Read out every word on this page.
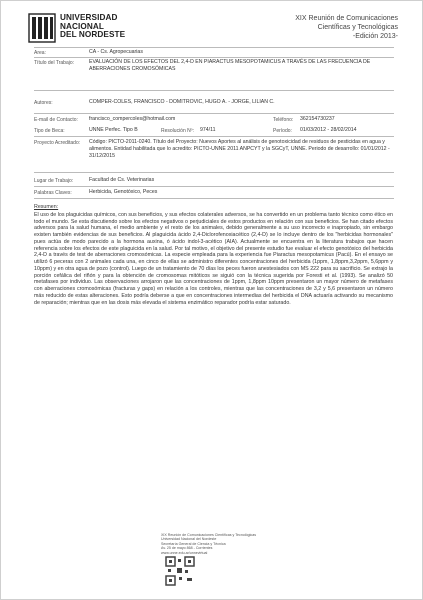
UNIVERSIDAD
NACIONAL
DEL NORDESTE
XIX Reunión de Comunicaciones
Científicas y Tecnológicas
-Edición 2013-
Area:	CA - Cs. Agropecuarias
Título del Trabajo:	EVALUACIÓN DE LOS EFECTOS DEL 2,4-D EN PIARACTUS MESOPOTAMICUS A TRAVÉS DE LAS FRECUENCIA DE ABERRACIONES CROMOSÓMICAS
Autores:	COMPER-COLES, FRANCISCO - DOMITROVIC, HUGO A. - JORGE, LILIAN C.
E-mail de Contacto: francisco_compercoles@hotmail.com	Teléfono: 362154730237
Tipo de Beca:	UNNE Perfec. Tipo B	Resolución Nº: 974/11	Período: 01/03/2012 - 28/02/2014
Proyecto Acreditado: Código: PICTO-2011-0240. Título del Proyecto: Nuevos Aportes al análisis de genotoxicidad de residuos de pesticidas en agua y alimentos. Entidad habilitada que lo acredito: PICTO-UNNE 2011 ANPCYT y la SGCyT, UNNE. Periodo de desarrollo: 01/01/2012 - 31/12/2015
Lugar de Trabajo:	Facultad de Cs. Veterinarias
Palabras Claves:	Herbicida, Genotóxico, Peces
Resumen:
El uso de los plaguicidas químicos, con sus beneficios, y sus efectos colaterales adversos, se ha convertido en un problema tanto técnico como ético en todo el mundo. Se esta discutiendo sobre los efectos negativos o perjudiciales de estos productos en relación con sus beneficios. Se han citado efectos adversos para la salud humana, el medio ambiente y el resto de los animales, debido generalmente a su uso incorrecto e inapropiado, sin embargo existen también evidencias de sus beneficios. Al plaguicida ácido 2,4-Diclorofenoxiacético (2,4-D) se lo incluye dentro de los "herbicidas hormonales" pues actúa de modo parecido a la hormona auxina, ó ácido indol-3-acético (AIA). Actualmente se encuentra en la literatura trabajos que hacen referencia sobre los efectos de este plaguicida en la salud. Por tal motivo, el objetivo del presente estudio fue evaluar el efecto genotóxico del herbicida 2,4-D a través de test de aberraciones cromosómicas. La especie empleada para la experiencia fue Piaractus mesopotamicus (Pacú). En el ensayo se utilizó 6 peceras con 2 animales cada una, en cinco de ellas se administro diferentes concentraciones del herbicida (1ppm, 1,8ppm,3,2ppm, 5,6ppm y 10ppm) y en otra agua de pozo (control). Luego de un tratamiento de 70 días los peces fueron anestesiados con MS 222 para su sacrificio. Se extrajo la porción cefálica del riñón y para la obtención de cromosomas mitóticos se siguió con la técnica sugerida por Foresti et al. (1993). Se analizó 50 metafases por individuo. Las observaciones arrojaron que las concentraciones de 1ppm, 1,8ppm 10ppm presentaron un mayor número de metafases con aberraciones cromosómicas (fracturas y gaps) en relación a los controles, mientras que las concentraciones de 3,2 y 5,6 presentaron un número más reducido de estas alteraciones. Esto podría deberse a que en concentraciones intermedias del herbicida el DNA actuaría activando su mecanismo de reparación; mientras que en las dosis más elevada el sistema enzimático reparador podría estar saturado.
XIX Reunión de Comunicaciones Científicas y Tecnológicas
Universidad Nacional del Nordeste
Secretaría General de Ciencia y Técnica
Av. 25 de mayo 868 - Corrientes
www.unne.edu.ar/unnevirtual
